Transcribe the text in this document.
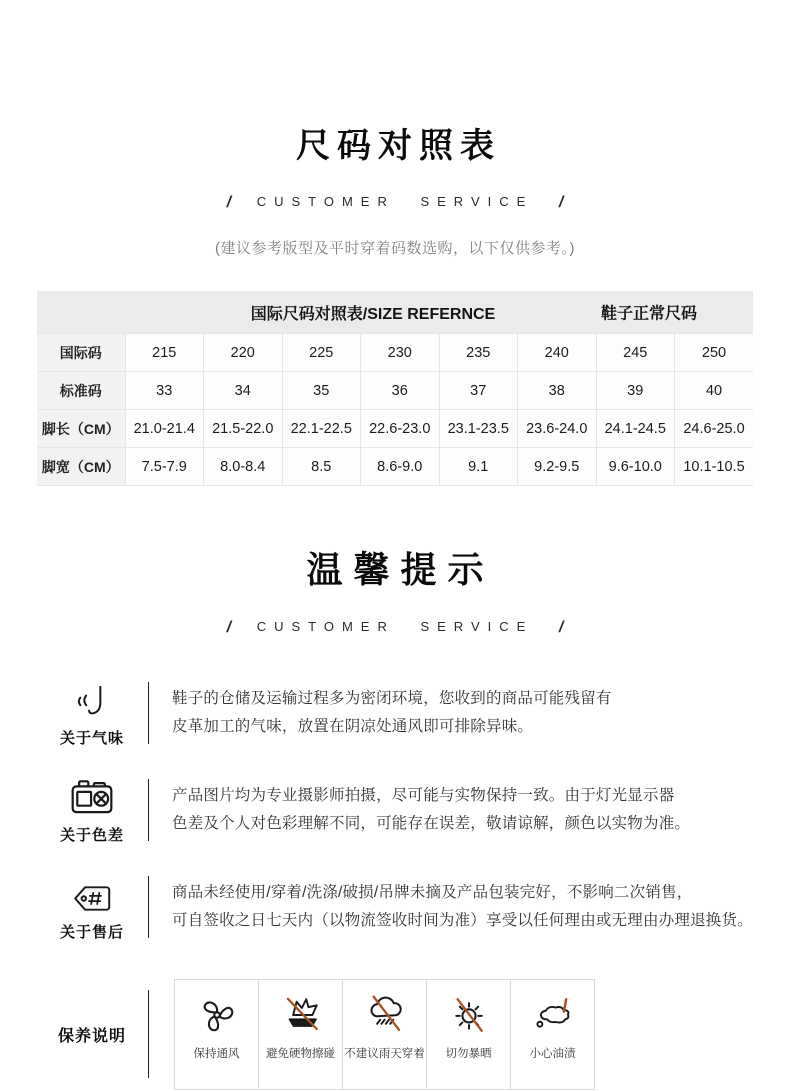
尺码对照表
/ CUSTOMER SERVICE /
(建议参考版型及平时穿着码数选购，以下仅供参考。)
国际尺码对照表/SIZE REFERNCE 鞋子正常尺码								

国际码	215	220	225	230	235	240	245	250
标准码	33	34	35	36	37	38	39	40
脚长（CM）	21.0-21.4	21.5-22.0	22.1-22.5	22.6-23.0	23.1-23.5	23.6-24.0	24.1-24.5	24.6-25.0
脚宽（CM）	7.5-7.9	8.0-8.4	8.5	8.6-9.0	9.1	9.2-9.5	9.6-10.0	10.1-10.5
温馨提示
/ CUSTOMER SERVICE /
关于气味
鞋子的仓储及运输过程多为密闭环境，您收到的商品可能残留有
皮革加工的气味，放置在阴凉处通风即可排除异味。
关于色差
产品图片均为专业摄影师拍摄，尽可能与实物保持一致。由于灯光显示器
色差及个人对色彩理解不同，可能存在误差，敬请谅解，颜色以实物为准。
关于售后
商品未经使用/穿着/洗涤/破损/吊牌未摘及产品包装完好，不影响二次销售，
可自签收之日七天内（以物流签收时间为准）享受以任何理由或无理由办理退换货。
保养说明
保持通风 避免硬物擦碰 不建议雨天穿着 切勿暴晒	小心油渍
